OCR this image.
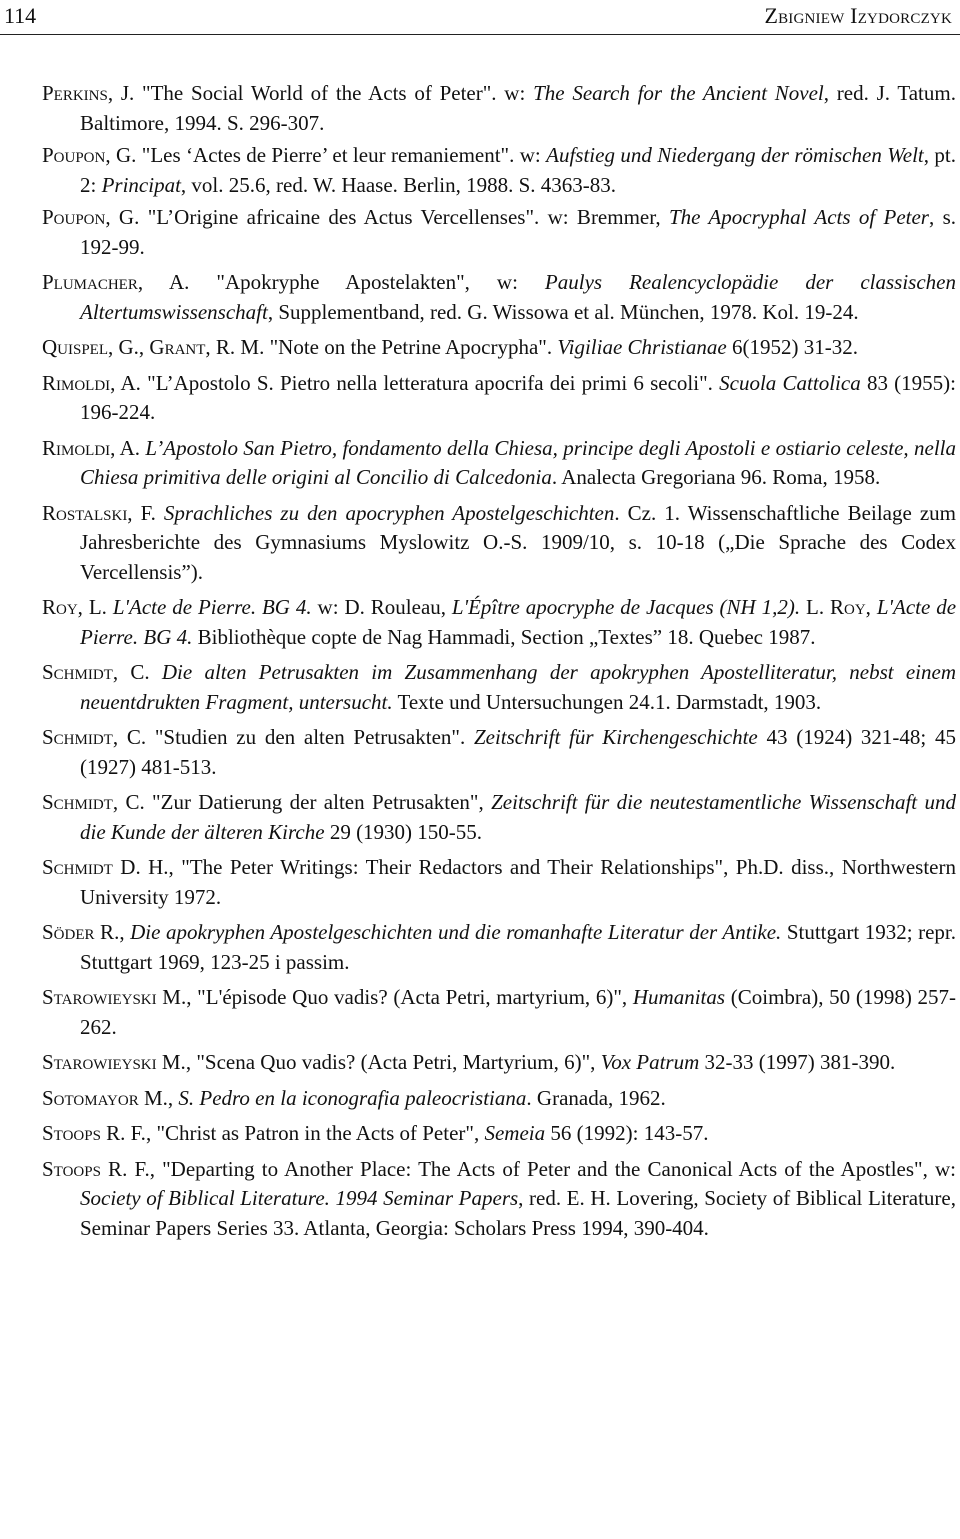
114	Zbigniew Izydorczyk

Perkins, J. "The Social World of the Acts of Peter". w: The Search for the Ancient Novel, red. J. Tatum. Baltimore, 1994. S. 296-307.

Poupon, G. "Les ‘Actes de Pierre’ et leur remaniement". w: Aufstieg und Niedergang der römischen Welt, pt. 2: Principat, vol. 25.6, red. W. Haase. Berlin, 1988. S. 4363-83.

Poupon, G. "L’Origine africaine des Actus Vercellenses". w: Bremmer, The Apocryphal Acts of Peter, s. 192-99.

Plumacher, A. "Apokryphe Apostelakten", w: Paulys Realencyclopädie der classischen Altertumswissenschaft, Supplementband, red. G. Wissowa et al. München, 1978. Kol. 19-24.

Quispel, G., Grant, R. M. "Note on the Petrine Apocrypha". Vigiliae Christianae 6(1952) 31-32.

Rimoldi, A. "L’Apostolo S. Pietro nella letteratura apocrifa dei primi 6 secoli". Scuola Cattolica 83 (1955): 196-224.

Rimoldi, A. L’Apostolo San Pietro, fondamento della Chiesa, principe degli Apostoli e ostiario celeste, nella Chiesa primitiva delle origini al Concilio di Calcedonia. Analecta Gregoriana 96. Roma, 1958.

Rostalski, F. Sprachliches zu den apocryphen Apostelgeschichten. Cz. 1. Wissenschaftliche Beilage zum Jahresberichte des Gymnasiums Myslowitz O.-S. 1909/10, s. 10-18 („Die Sprache des Codex Vercellensis”).

Roy, L. L'Acte de Pierre. BG 4. w: D. Rouleau, L'Épître apocryphe de Jacques (NH 1,2). L. Roy, L'Acte de Pierre. BG 4. Bibliothèque copte de Nag Hammadi, Section „Textes” 18. Quebec 1987.

Schmidt, C. Die alten Petrusakten im Zusammenhang der apokryphen Apostelliteratur, nebst einem neuentdrukten Fragment, untersucht. Texte und Untersuchungen 24.1. Darmstadt, 1903.

Schmidt, C. "Studien zu den alten Petrusakten". Zeitschrift für Kirchengeschichte 43 (1924) 321-48; 45 (1927) 481-513.

Schmidt, C. "Zur Datierung der alten Petrusakten", Zeitschrift für die neutestamentliche Wissenschaft und die Kunde der älteren Kirche 29 (1930) 150-55.

Schmidt D. H., "The Peter Writings: Their Redactors and Their Relationships", Ph.D. diss., Northwestern University 1972.

Söder R., Die apokryphen Apostelgeschichten und die romanhafte Literatur der Antike. Stuttgart 1932; repr. Stuttgart 1969, 123-25 i passim.

Starowieyski M., "L'épisode Quo vadis? (Acta Petri, martyrium, 6)", Humanitas (Coimbra), 50 (1998) 257-262.

Starowieyski M., "Scena Quo vadis? (Acta Petri, Martyrium, 6)", Vox Patrum 32-33 (1997) 381-390.

Sotomayor M., S. Pedro en la iconografia paleocristiana. Granada, 1962.

Stoops R. F., "Christ as Patron in the Acts of Peter", Semeia 56 (1992): 143-57.

Stoops R. F., "Departing to Another Place: The Acts of Peter and the Canonical Acts of the Apostles", w: Society of Biblical Literature. 1994 Seminar Papers, red. E. H. Lovering, Society of Biblical Literature, Seminar Papers Series 33. Atlanta, Georgia: Scholars Press 1994, 390-404.
